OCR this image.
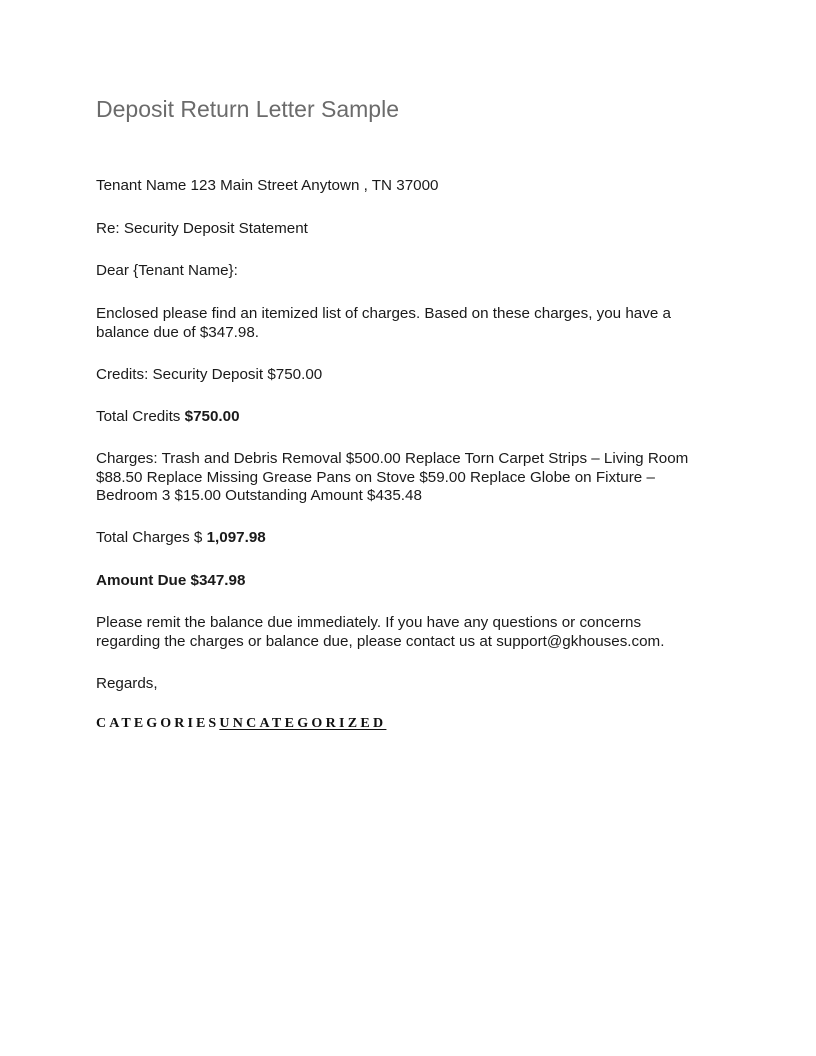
Deposit Return Letter Sample

Tenant Name 123 Main Street Anytown , TN 37000

Re: Security Deposit Statement

Dear {Tenant Name}:

Enclosed please find an itemized list of charges. Based on these charges, you have a balance due of $347.98.

Credits: Security Deposit $750.00

Total Credits $750.00

Charges: Trash and Debris Removal $500.00 Replace Torn Carpet Strips – Living Room $88.50 Replace Missing Grease Pans on Stove $59.00 Replace Globe on Fixture – Bedroom 3 $15.00 Outstanding Amount $435.48

Total Charges $ 1,097.98

Amount Due $347.98

Please remit the balance due immediately. If you have any questions or concerns regarding the charges or balance due, please contact us at support@gkhouses.com.

Regards,

CATEGORIESUNCATEGORIZED
